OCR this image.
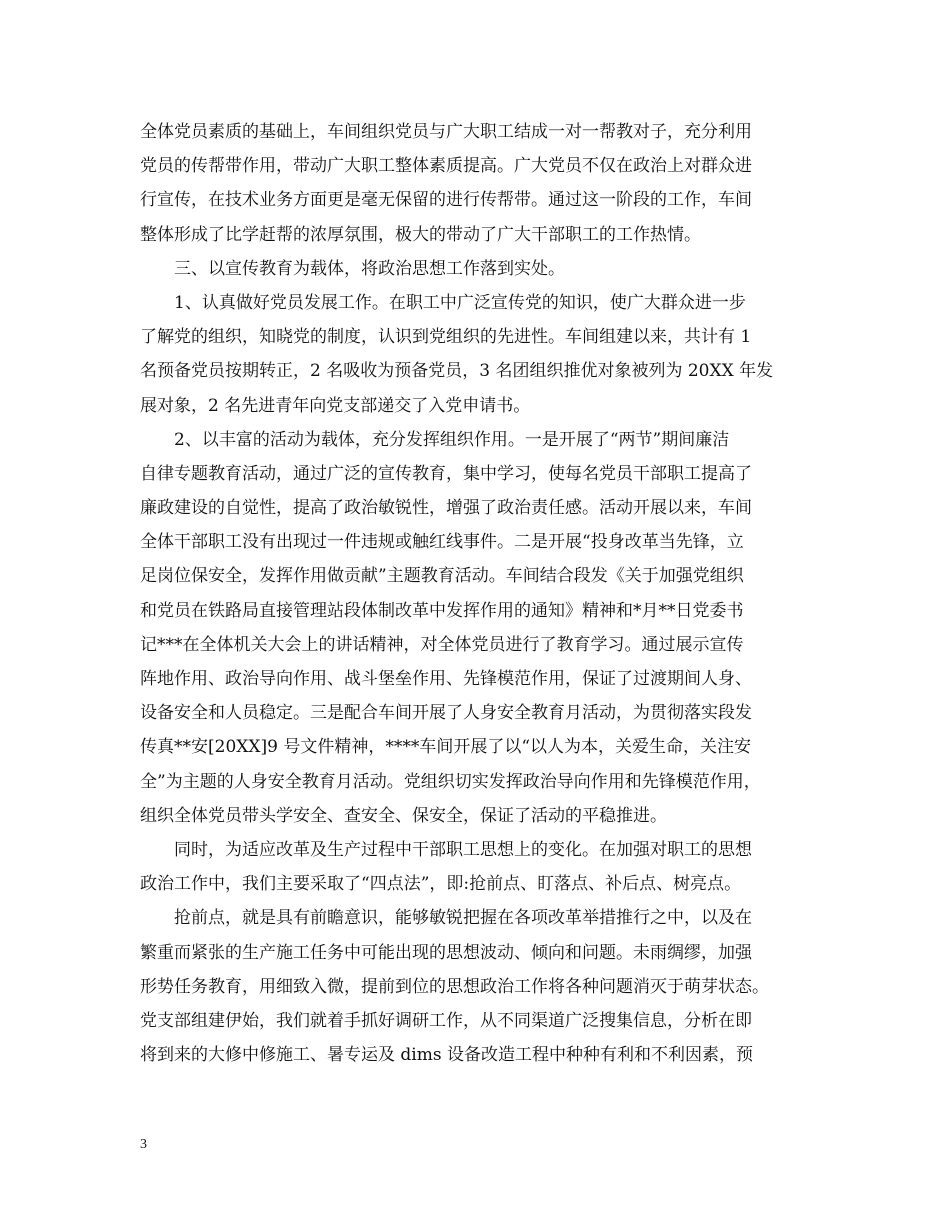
全体党员素质的基础上，车间组织党员与广大职工结成一对一帮教对子，充分利用
党员的传帮带作用，带动广大职工整体素质提高。广大党员不仅在政治上对群众进
行宣传，在技术业务方面更是毫无保留的进行传帮带。通过这一阶段的工作，车间
整体形成了比学赶帮的浓厚氛围，极大的带动了广大干部职工的工作热情。
三、以宣传教育为载体，将政治思想工作落到实处。
1、认真做好党员发展工作。在职工中广泛宣传党的知识，使广大群众进一步
了解党的组织，知晓党的制度，认识到党组织的先进性。车间组建以来，共计有 1
名预备党员按期转正，2 名吸收为预备党员，3 名团组织推优对象被列为 20XX 年发
展对象，2 名先进青年向党支部递交了入党申请书。
2、以丰富的活动为载体，充分发挥组织作用。一是开展了“两节”期间廉洁
自律专题教育活动，通过广泛的宣传教育，集中学习，使每名党员干部职工提高了
廉政建设的自觉性，提高了政治敏锐性，增强了政治责任感。活动开展以来，车间
全体干部职工没有出现过一件违规或触红线事件。二是开展“投身改革当先锋，立
足岗位保安全，发挥作用做贡献”主题教育活动。车间结合段发《关于加强党组织
和党员在铁路局直接管理站段体制改革中发挥作用的通知》精神和*月**日党委书
记***在全体机关大会上的讲话精神，对全体党员进行了教育学习。通过展示宣传
阵地作用、政治导向作用、战斗堡垒作用、先锋模范作用，保证了过渡期间人身、
设备安全和人员稳定。三是配合车间开展了人身安全教育月活动，为贯彻落实段发
传真**安[20XX]9 号文件精神，****车间开展了以“以人为本，关爱生命，关注安
全”为主题的人身安全教育月活动。党组织切实发挥政治导向作用和先锋模范作用，
组织全体党员带头学安全、查安全、保安全，保证了活动的平稳推进。
同时，为适应改革及生产过程中干部职工思想上的变化。在加强对职工的思想
政治工作中，我们主要采取了“四点法”，即:抢前点、盯落点、补后点、树亮点。
抢前点，就是具有前瞻意识，能够敏锐把握在各项改革举措推行之中，以及在
繁重而紧张的生产施工任务中可能出现的思想波动、倾向和问题。未雨绸缪，加强
形势任务教育，用细致入微，提前到位的思想政治工作将各种问题消灭于萌芽状态。
党支部组建伊始，我们就着手抓好调研工作，从不同渠道广泛搜集信息，分析在即
将到来的大修中修施工、暑专运及 dims 设备改造工程中种种有利和不利因素，预
3
